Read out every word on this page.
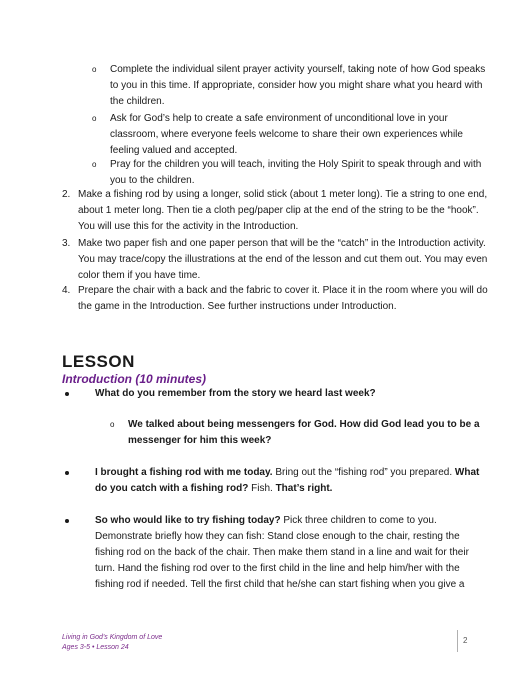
o Complete the individual silent prayer activity yourself, taking note of how God speaks to you in this time. If appropriate, consider how you might share what you heard with the children.
o Ask for God’s help to create a safe environment of unconditional love in your classroom, where everyone feels welcome to share their own experiences while feeling valued and accepted.
o Pray for the children you will teach, inviting the Holy Spirit to speak through and with you to the children.
2. Make a fishing rod by using a longer, solid stick (about 1 meter long). Tie a string to one end, about 1 meter long. Then tie a cloth peg/paper clip at the end of the string to be the “hook”. You will use this for the activity in the Introduction.
3. Make two paper fish and one paper person that will be the “catch” in the Introduction activity. You may trace/copy the illustrations at the end of the lesson and cut them out. You may even color them if you have time.
4. Prepare the chair with a back and the fabric to cover it. Place it in the room where you will do the game in the Introduction. See further instructions under Introduction.
LESSON
Introduction (10 minutes)
What do you remember from the story we heard last week?
o We talked about being messengers for God. How did God lead you to be a messenger for him this week?
I brought a fishing rod with me today. Bring out the “fishing rod” you prepared. What do you catch with a fishing rod? Fish. That’s right.
So who would like to try fishing today? Pick three children to come to you. Demonstrate briefly how they can fish: Stand close enough to the chair, resting the fishing rod on the back of the chair. Then make them stand in a line and wait for their turn. Hand the fishing rod over to the first child in the line and help him/her with the fishing rod if needed. Tell the first child that he/she can start fishing when you give a
Living in God’s Kingdom of Love
Ages 3-5 • Lesson 24
2
